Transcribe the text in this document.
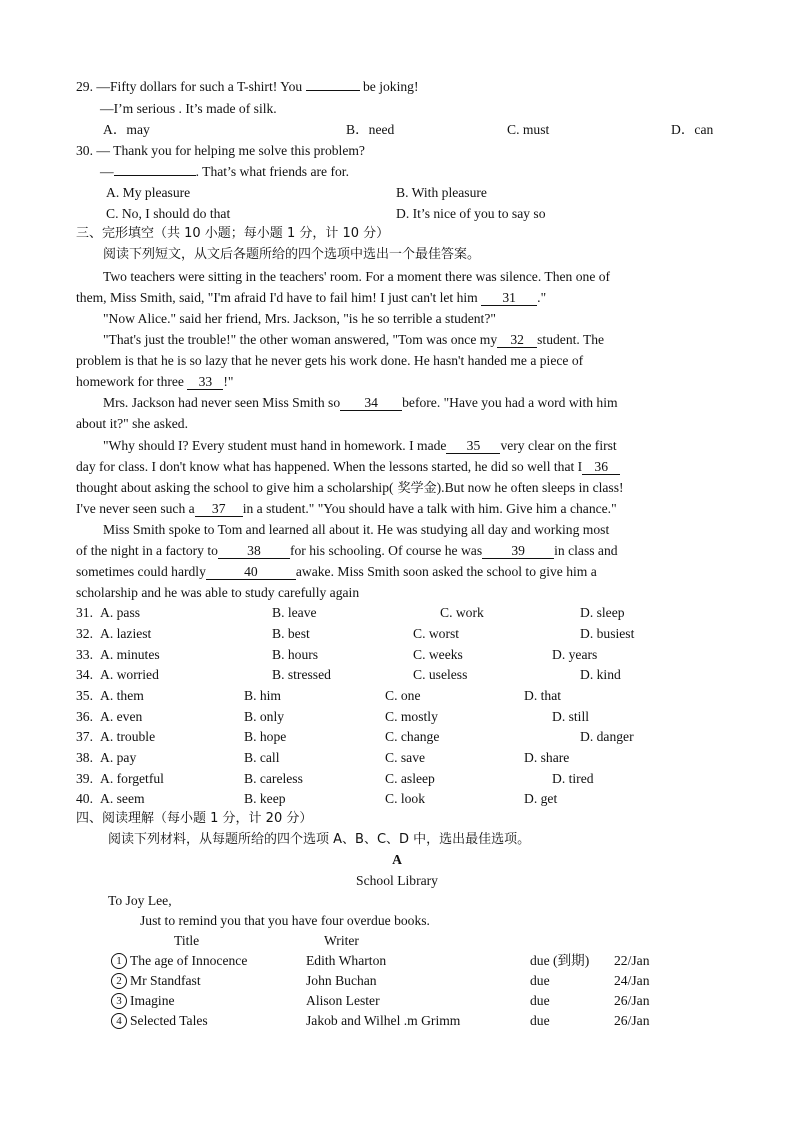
29. —Fifty dollars for such a T-shirt! You	be joking!
—I’m serious . It’s made of silk.
A．may	B．need	C. must	D．can
30. — Thank you for helping me solve this problem?
—	. That’s what friends are for.
A. My pleasure	B. With pleasure
C. No, I should do that	D. It’s nice of you to say so
三、完形填空（共 10 小题；每小题 1 分，计 10 分）
阅读下列短文，从文后各题所给的四个选项中选出一个最佳答案。
Two teachers were sitting in the teachers' room. For a moment there was silence. Then one of
them, Miss Smith, said, "I'm afraid I'd have to fail him! I just can't let him 31 ."
"Now Alice." said her friend, Mrs. Jackson, "is he so terrible a student?"
"That's just the trouble!" the other woman answered, "Tom was once my 32 student. The
problem is that he is so lazy that he never gets his work done. He hasn't handed me a piece of
homework for three 33 !"
Mrs. Jackson had never seen Miss Smith so 34 before. "Have you had a word with him
about it?" she asked.
"Why should I? Every student must hand in homework. I made 35 very clear on the first
day for class. I don't know what has happened. When the lessons started, he did so well that I 36
thought about asking the school to give him a scholarship( 奖学金).But now he often sleeps in class!
I've never seen such a 37 in a student." "You should have a talk with him. Give him a chance."
Miss Smith spoke to Tom and learned all about it. He was studying all day and working most
of the night in a factory to 38 for his schooling. Of course he was 39 in class and
sometimes could hardly	40	awake. Miss Smith soon asked the school to give him a
scholarship and he was able to study carefully again
31. A. pass	B. leave	C. work	D. sleep
32. A. laziest	B. best	C. worst	D. busiest
33. A. minutes	B. hours	C. weeks	D. years
34. A. worried	B. stressed	C. useless	D. kind
35. A. them	B. him	C. one	D. that
36. A. even	B. only	C. mostly	D. still
37. A. trouble	B. hope	C. change	D. danger
38. A. pay	B. call	C. save	D. share
39. A. forgetful	B. careless	C. asleep	D. tired
40. A. seem	B. keep	C. look	D. get
四、阅读理解（每小题 1 分，计 20 分）
阅读下列材料，从每题所给的四个选项 A、B、C、D 中，选出最佳选项。
A
School Library
To Joy Lee,
Just to remind you that you have four overdue books.
Title	Writer
1 The age of Innocence	Edith Wharton	due (到期) 22/Jan
2 Mr Standfast	John Buchan	due	24/Jan
3 Imagine	Alison Lester	due	26/Jan
4 Selected Tales	Jakob and Wilhel .m Grimm	due	26/Jan
